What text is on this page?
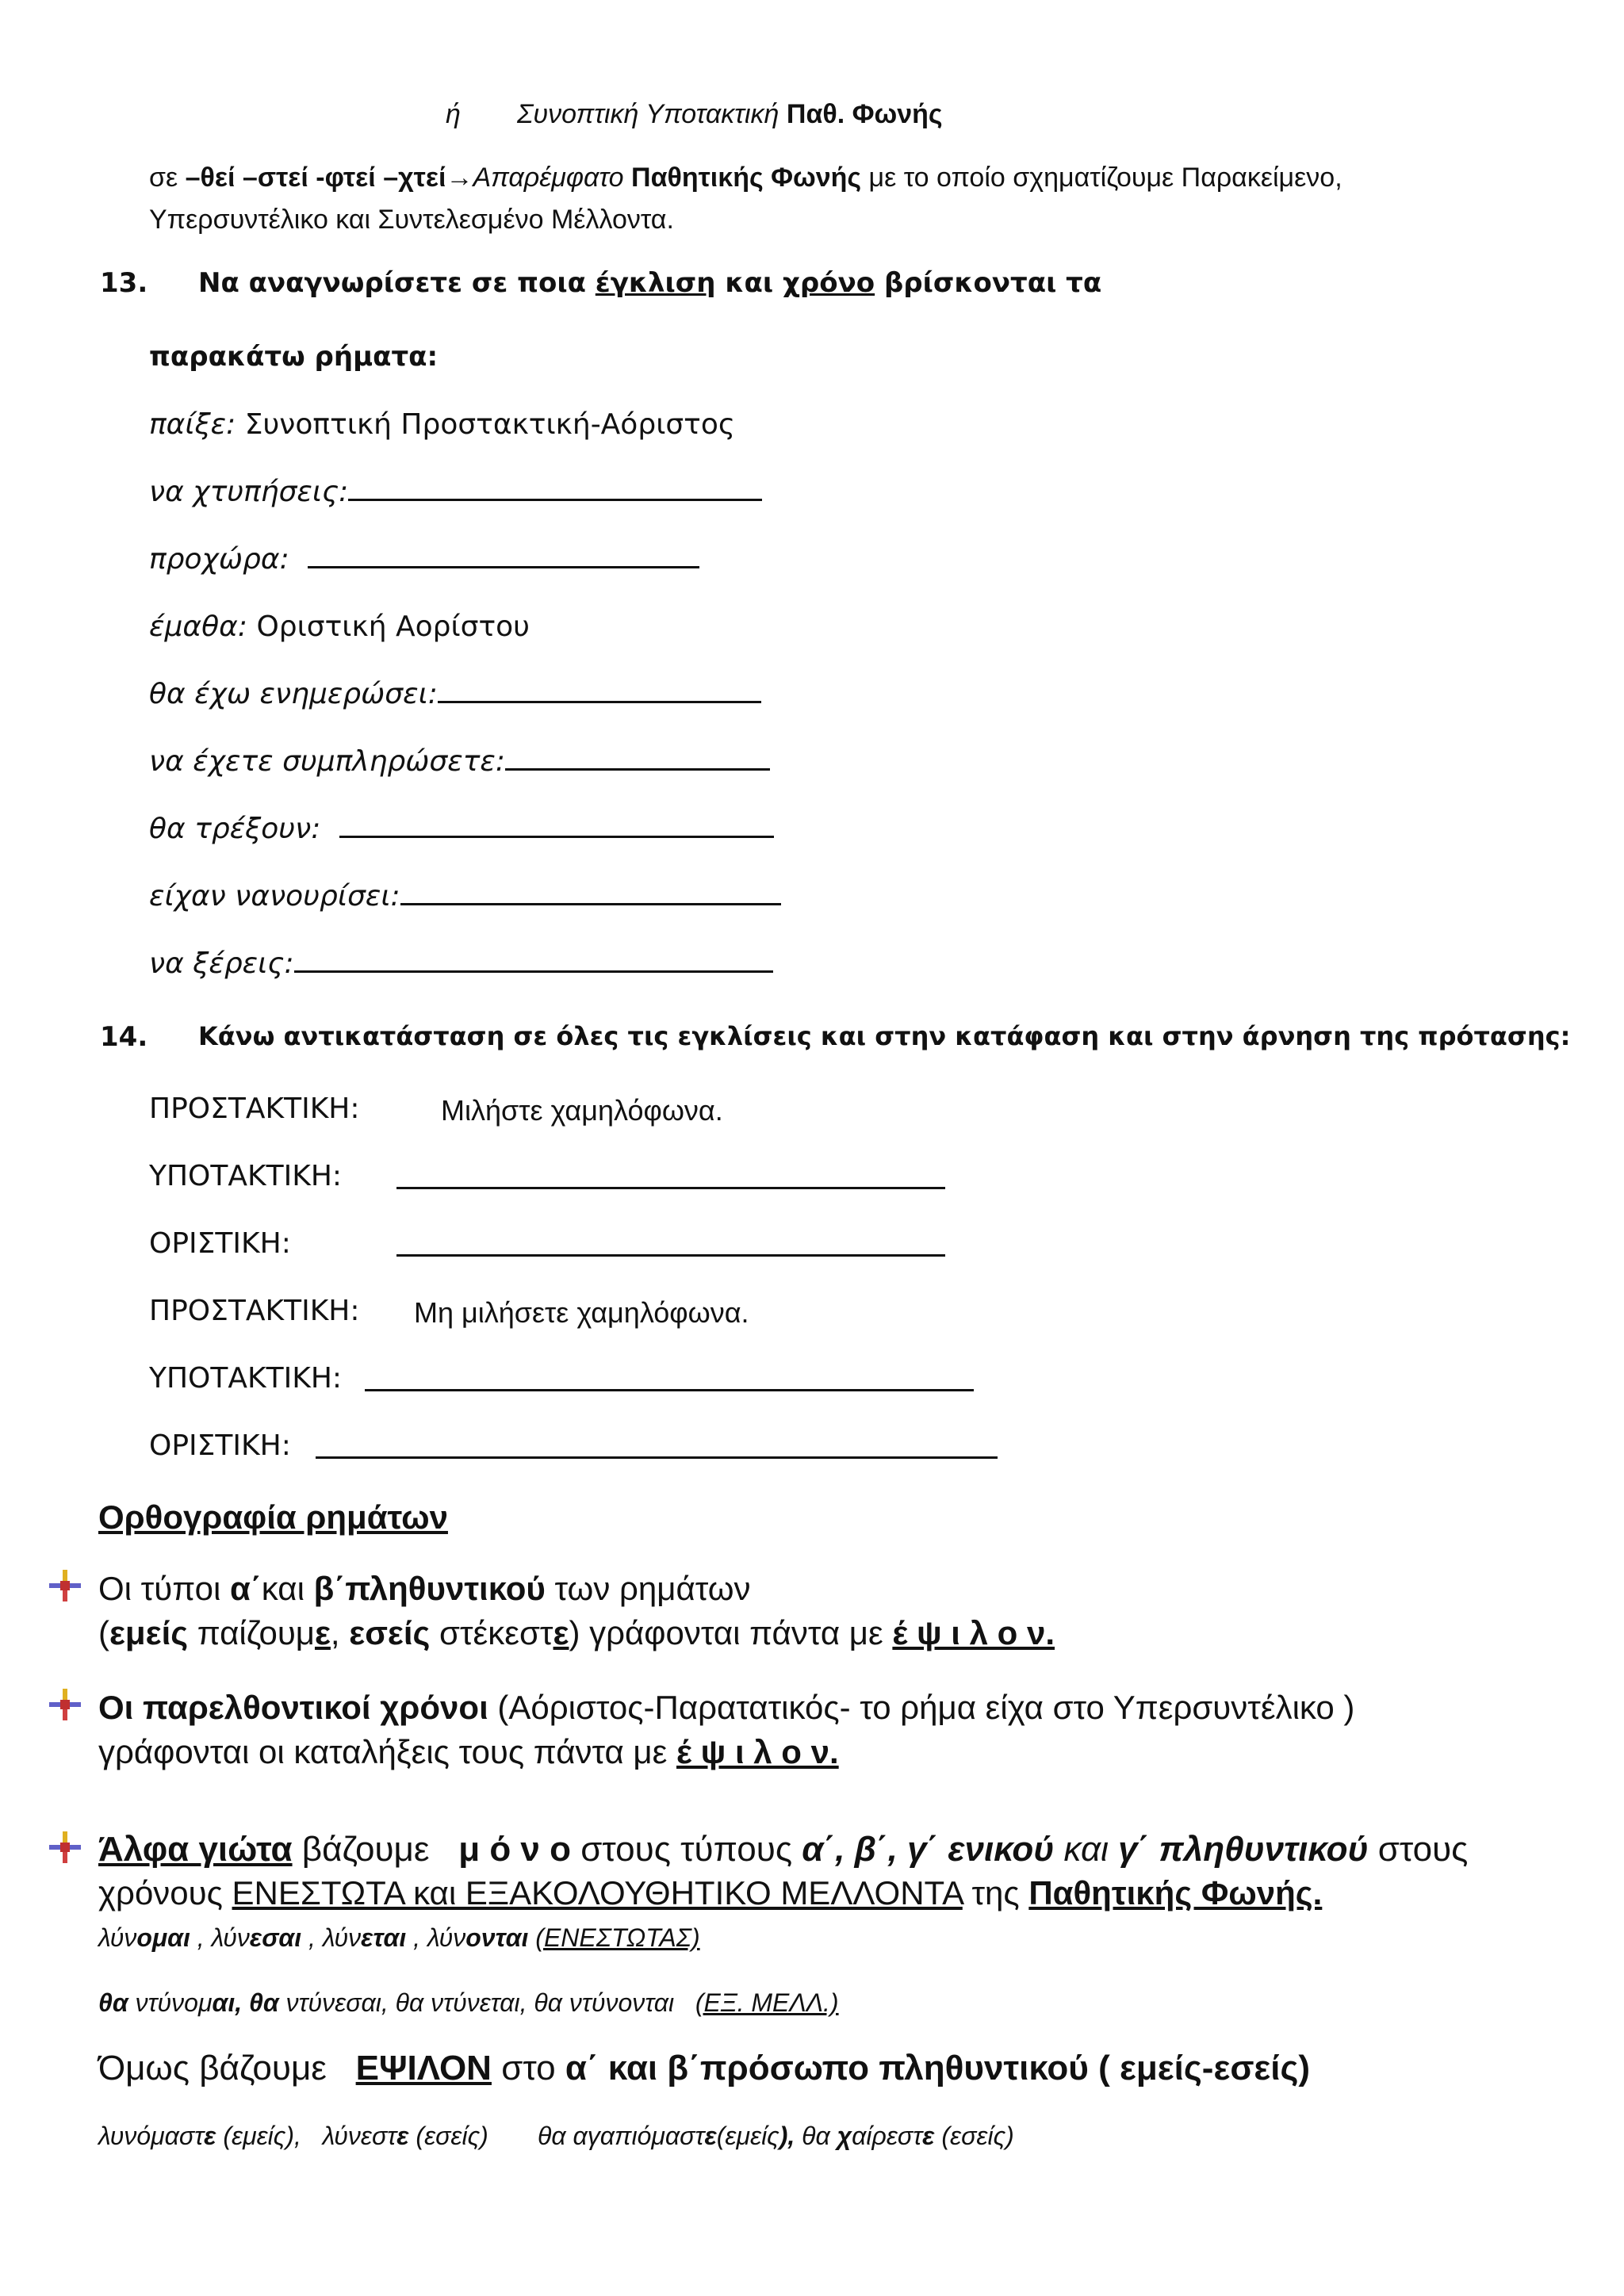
ή Συνοπτική Υποτακτική Παθ. Φωνής
σε –θεί –στεί -φτεί –χτεί→Απαρέμφατο Παθητικής Φωνής με το οποίο σχηματίζουμε Παρακείμενο,
Υπερσυντέλικο και Συντελεσμένο Μέλλοντα.
13. Να αναγνωρίσετε σε ποια έγκλιση και χρόνο βρίσκονται τα
παρακάτω ρήματα:
παίξε: Συνοπτική Προστακτική-Αόριστος
να χτυπήσεις:
προχώρα:
έμαθα: Οριστική Αορίστου
θα έχω ενημερώσει:
να έχετε συμπληρώσετε:
θα τρέξουν:
είχαν νανουρίσει:
να ξέρεις:
14. Κάνω αντικατάσταση σε όλες τις εγκλίσεις και στην κατάφαση και στην άρνηση της πρότασης:
ΠΡΟΣΤΑΚΤΙΚΗ:	Μιλήστε χαμηλόφωνα.
ΥΠΟΤΑΚΤΙΚΗ:
ΟΡΙΣΤΙΚΗ:
ΠΡΟΣΤΑΚΤΙΚΗ: Μη μιλήσετε χαμηλόφωνα.
ΥΠΟΤΑΚΤΙΚΗ:
ΟΡΙΣΤΙΚΗ:
Ορθογραφία ρημάτων
Οι τύποι α΄και β΄πληθυντικού των ρημάτων
(εμείς παίζουμε, εσείς στέκεστε) γράφονται πάντα με έ ψ ι λ ο ν.
Οι παρελθοντικοί χρόνοι (Αόριστος-Παρατατικός- το ρήμα είχα στο Υπερσυντέλικο )
γράφονται οι καταλήξεις τους πάντα με έ ψ ι λ ο ν.
Άλφα γιώτα βάζουμε μ ό ν ο στους τύπους α΄, β΄, γ΄ ενικού και γ΄ πληθυντικού στους
χρόνους ΕΝΕΣΤΩΤΑ και ΕΞΑΚΟΛΟΥΘΗΤΙΚΟ ΜΕΛΛΟΝΤΑ της Παθητικής Φωνής.
λύνομαι , λύνεσαι , λύνεται , λύνονται (ΕΝΕΣΤΩΤΑΣ)
θα ντύνομαι, θα ντύνεσαι, θα ντύνεται, θα ντύνονται (ΕΞ. ΜΕΛΛ.)
Όμως βάζουμε ΕΨΙΛΟΝ στο α΄ και β΄πρόσωπο πληθυντικού ( εμείς-εσείς)
λυνόμαστε (εμείς), λύνεστε (εσείς) θα αγαπιόμαστε(εμείς), θα χαίρεστε (εσείς)
